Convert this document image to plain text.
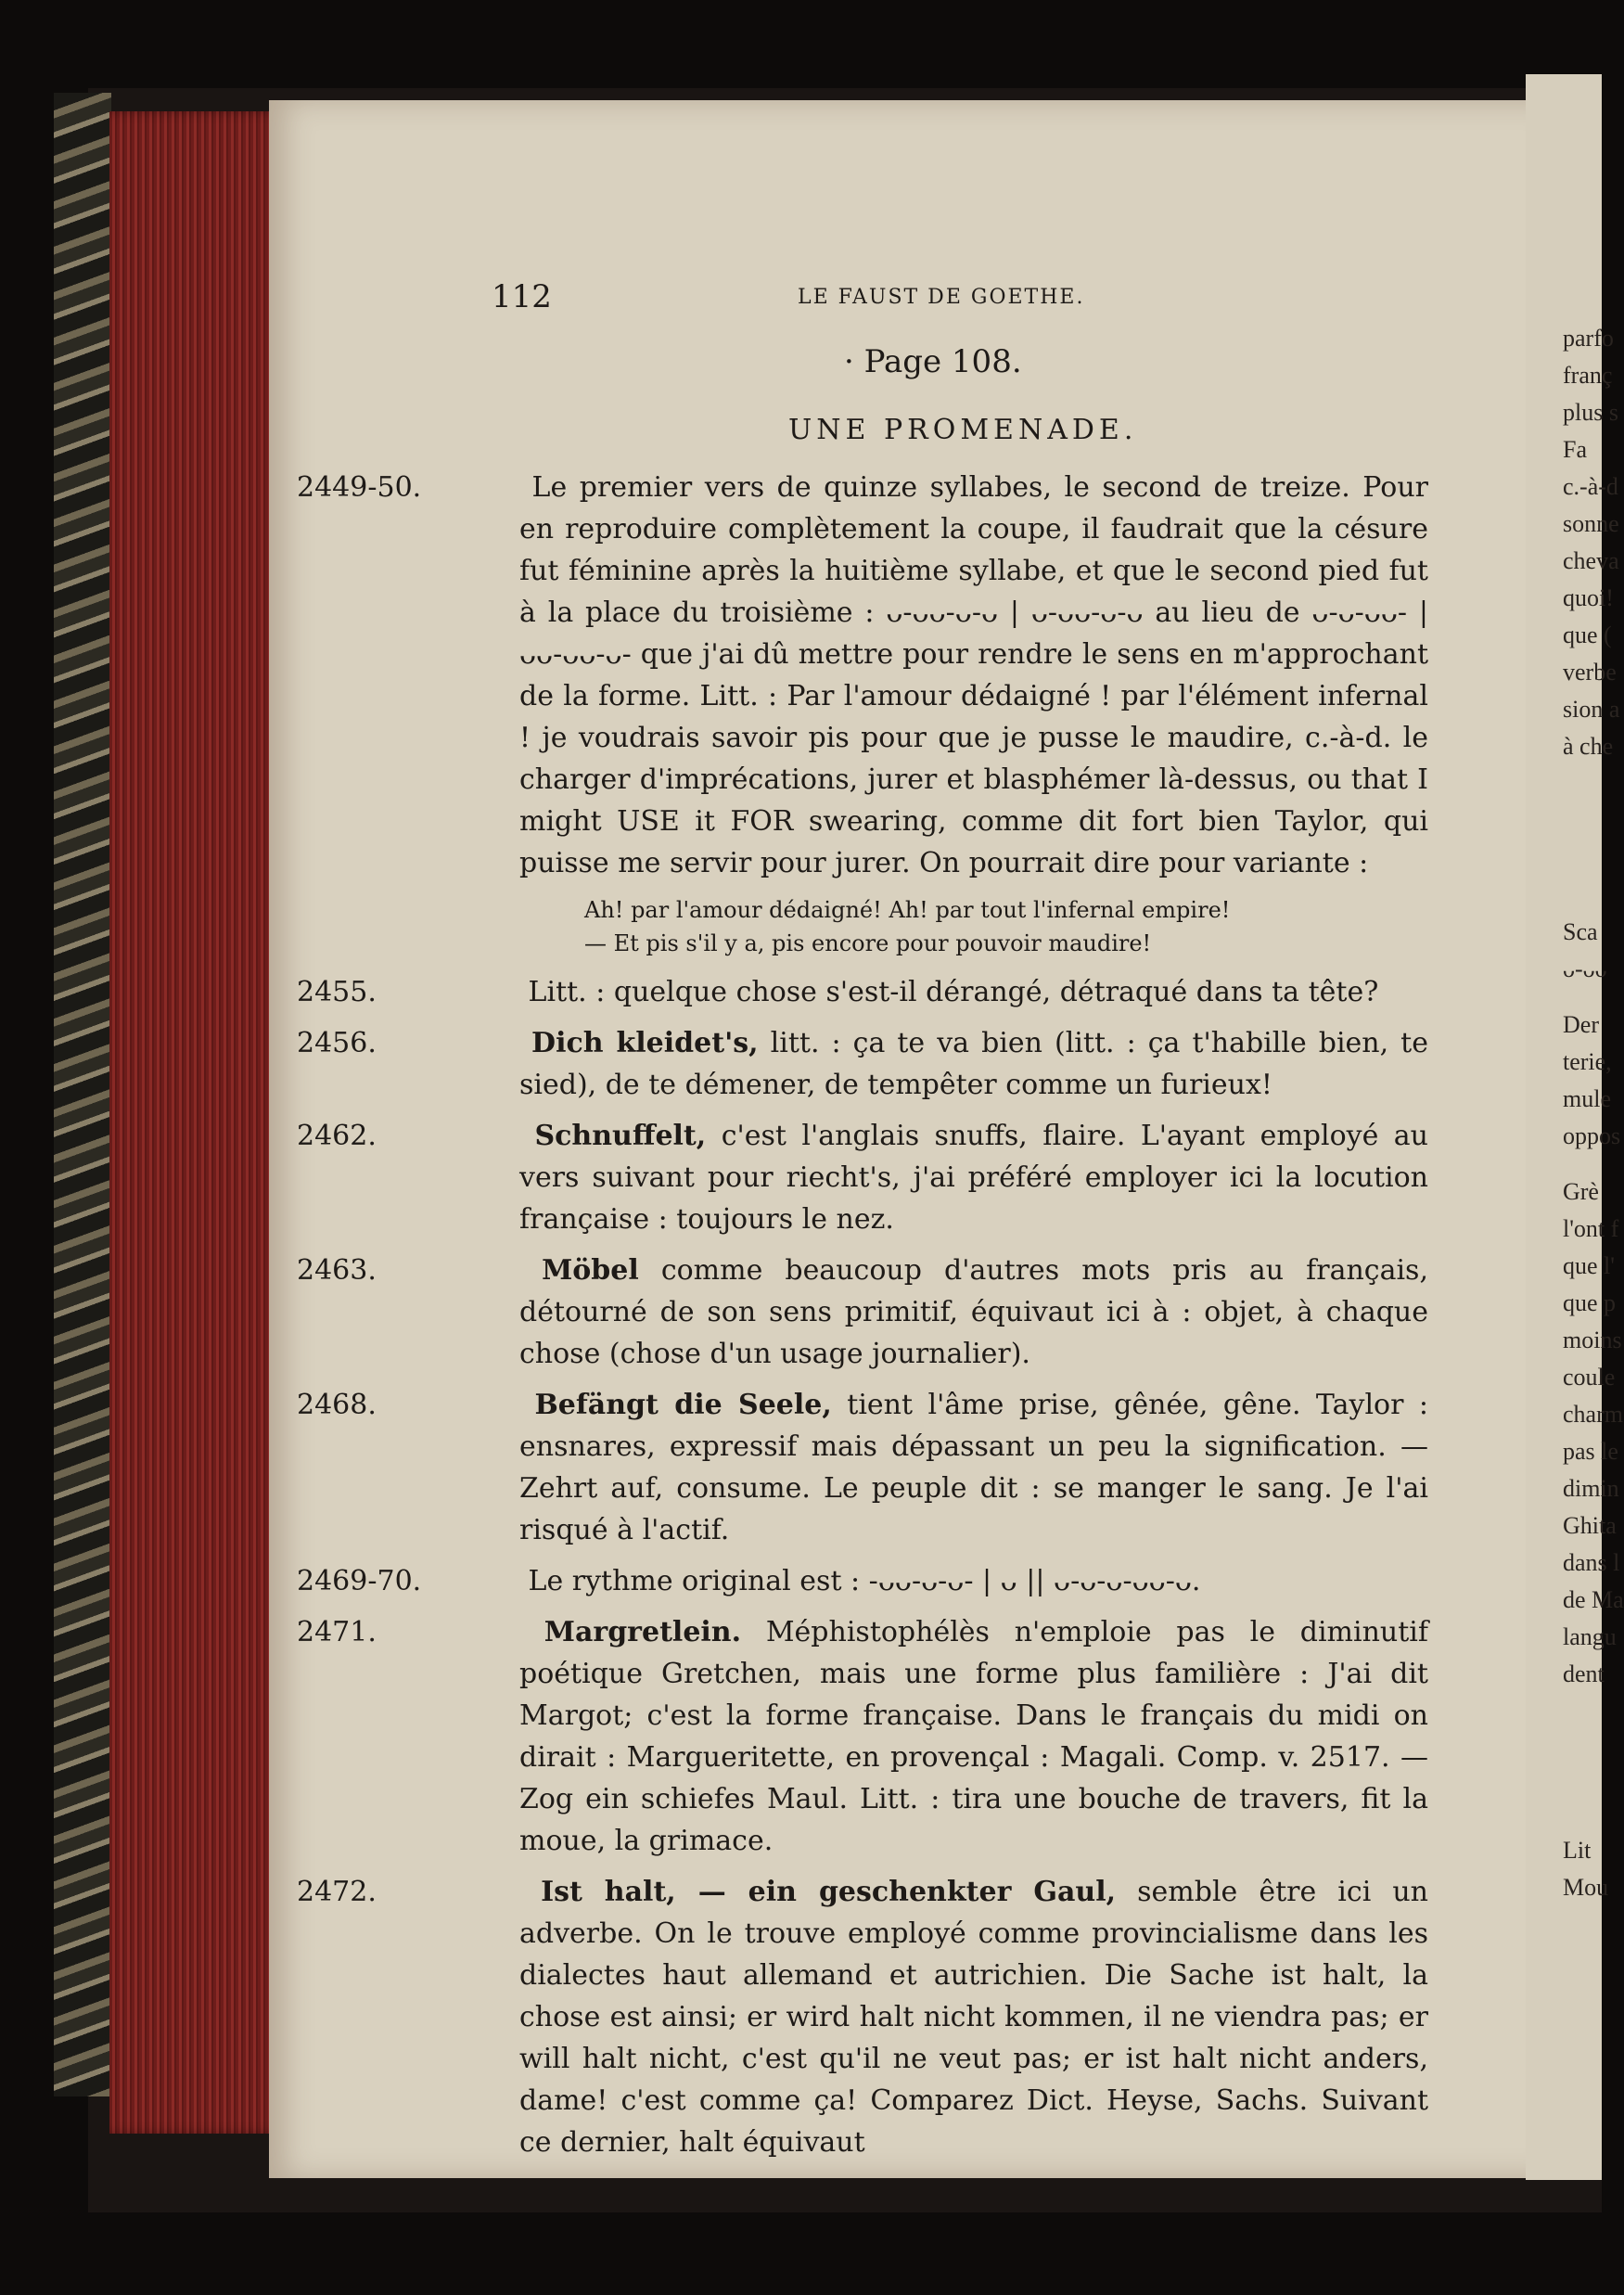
112	LE FAUST DE GOETHE.
· Page 108.
UNE PROMENADE.
2449-50.	Le premier vers de quinze syllabes, le second de treize. Pour en reproduire complètement la coupe, il faudrait que la césure fut féminine après la huitième syllabe, et que le second pied fut à la place du troisième : ᴗ-ᴗᴗ-ᴗ-ᴗ | ᴗ-ᴗᴗ-ᴗ-ᴗ au lieu de ᴗ-ᴗ-ᴗᴗ- | ᴗᴗ-ᴗᴗ-ᴗ- que j'ai dû mettre pour rendre le sens en m'approchant de la forme. Litt. : Par l'amour dédaigné ! par l'élément infernal ! je voudrais savoir pis pour que je pusse le maudire, c.-à-d. le charger d'imprécations, jurer et blasphémer là-dessus, ou that I might USE it FOR swearing, comme dit fort bien Taylor, qui puisse me servir pour jurer. On pourrait dire pour variante :
Ah! par l'amour dédaigné! Ah! par tout l'infernal empire!
— Et pis s'il y a, pis encore pour pouvoir maudire!
2455.	Litt. : quelque chose s'est-il dérangé, détraqué dans ta tête?
2456.	Dich kleidet's, litt. : ça te va bien (litt. : ça t'habille bien, te sied), de te démener, de tempêter comme un furieux!
2462.	Schnuffelt, c'est l'anglais snuffs, flaire. L'ayant employé au vers suivant pour riecht's, j'ai préféré employer ici la locution française : toujours le nez.
2463.	Möbel comme beaucoup d'autres mots pris au français, détourné de son sens primitif, équivaut ici à : objet, à chaque chose (chose d'un usage journalier).
2468.	Befängt die Seele, tient l'âme prise, gênée, gêne. Taylor : ensnares, expressif mais dépassant un peu la signification. — Zehrt auf, consume. Le peuple dit : se manger le sang. Je l'ai risqué à l'actif.
2469-70.	Le rythme original est : -ᴗᴗ-ᴗ-ᴗ- | ᴗ || ᴗ-ᴗ-ᴗ-ᴗᴗ-ᴗ.
2471.	Margretlein. Méphistophélès n'emploie pas le diminutif poétique Gretchen, mais une forme plus familière : J'ai dit Margot; c'est la forme française. Dans le français du midi on dirait : Margueritette, en provençal : Magali. Comp. v. 2517. — Zog ein schiefes Maul. Litt. : tira une bouche de travers, fit la moue, la grimace.
2472.	Ist halt, — ein geschenkter Gaul, semble être ici un adverbe. On le trouve employé comme provincialisme dans les dialectes haut allemand et autrichien. Die Sache ist halt, la chose est ainsi; er wird halt nicht kommen, il ne viendra pas; er will halt nicht, c'est qu'il ne veut pas; er ist halt nicht anders, dame! c'est comme ça! Comparez Dict. Heyse, Sachs. Suivant ce dernier, halt équivaut
parfo
franç
plus s
Fa
c.-à-d
sonne
cheva
quoi!
que (
verbe
sion a
à che
Sca
ᴗ-ᴗᴗ
Der
terie,
mule
oppos
Grè
l'ont f
que l'
que p
moins
coule
charm
pas le
dimin
Ghita
dans l
de Ma
langu
dent
Lit
Mou
